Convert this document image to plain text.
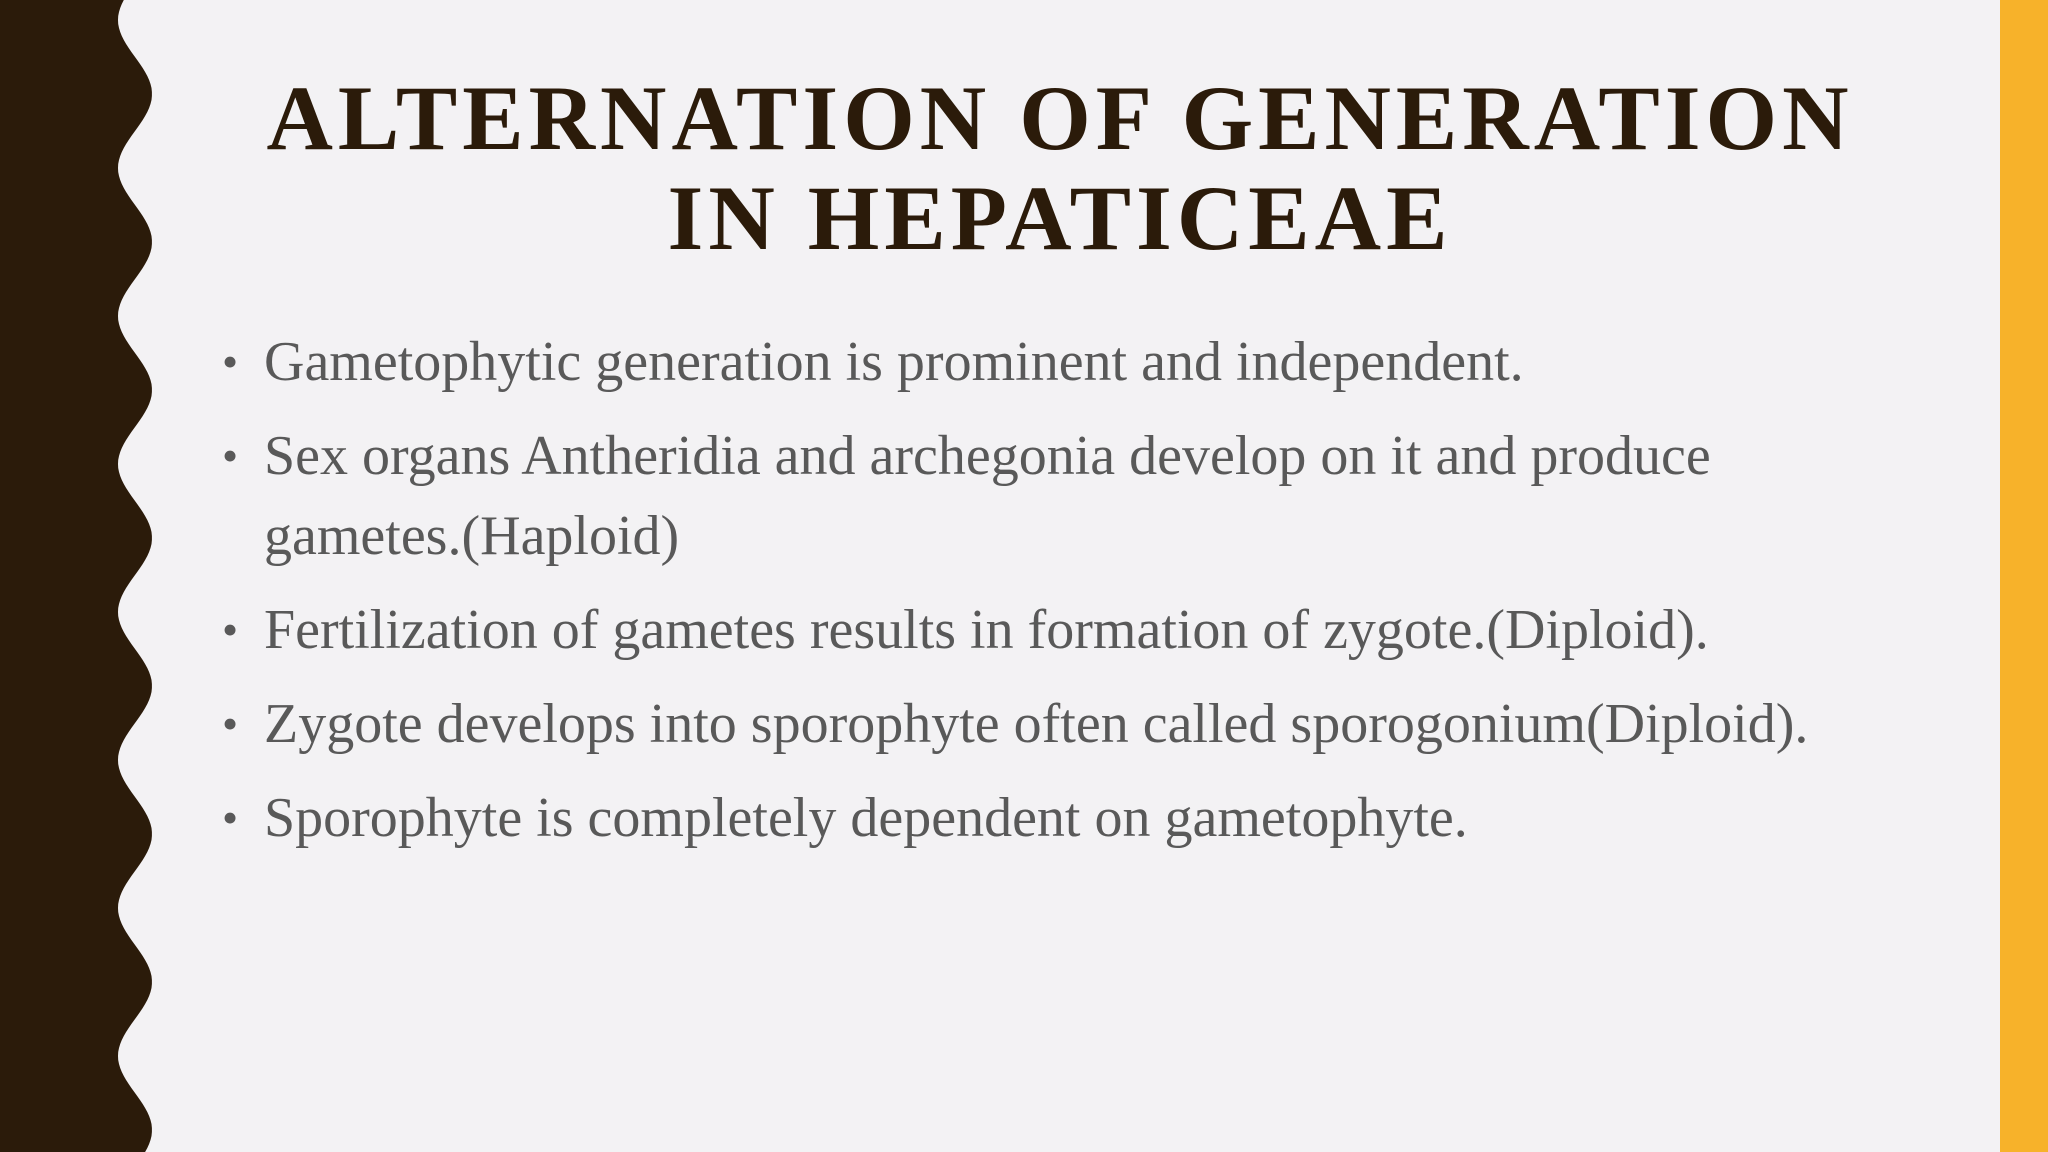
ALTERNATION OF GENERATION
IN HEPATICEAE
• Gametophytic generation is prominent and independent.
• Sex organs Antheridia and archegonia develop on it and produce gametes.(Haploid)
• Fertilization of gametes results in formation of zygote.(Diploid).
• Zygote develops into sporophyte often called sporogonium(Diploid).
• Sporophyte is completely dependent on gametophyte.
